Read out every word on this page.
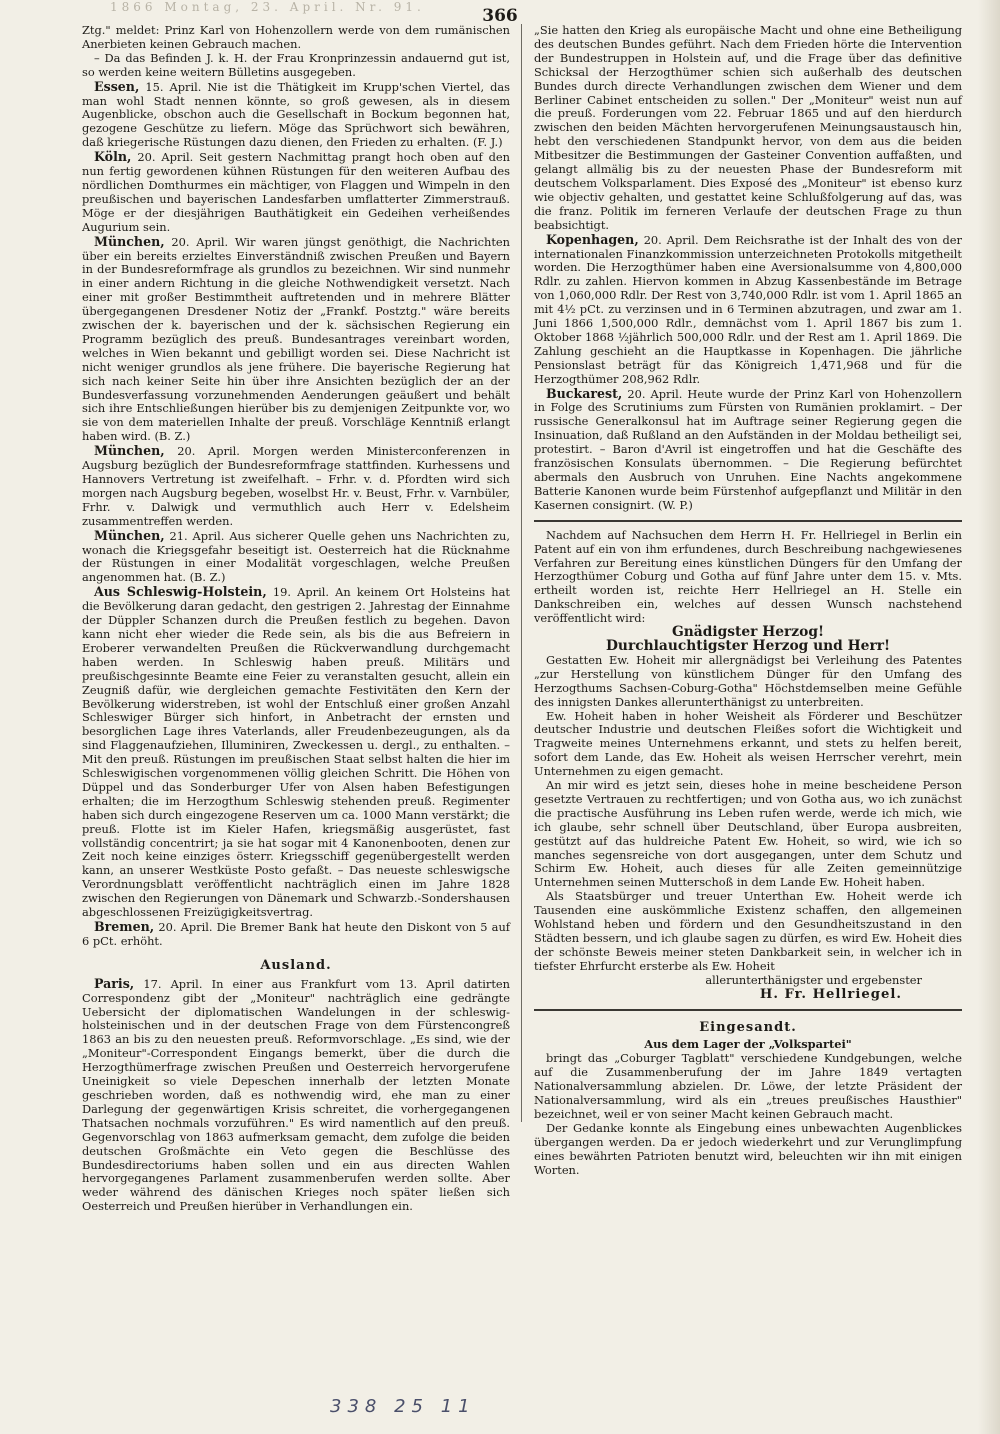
1866 Montag, 23. April. Nr. 91.	366

Ztg." meldet: Prinz Karl von Hohenzollern werde von dem rumänischen Anerbieten keinen Gebrauch machen.

– Da das Befinden J. k. H. der Frau Kronprinzessin andauernd gut ist, so werden keine weitern Bülletins ausgegeben.

Essen, 15. April. Nie ist die Thätigkeit im Krupp'schen Viertel, das man wohl Stadt nennen könnte, so groß gewesen, als in diesem Augenblicke, obschon auch die Gesellschaft in Bockum begonnen hat, gezogene Geschütze zu liefern. Möge das Sprüchwort sich bewähren, daß kriegerische Rüstungen dazu dienen, den Frieden zu erhalten. (F. J.)

Köln, 20. April. Seit gestern Nachmittag prangt hoch oben auf den nun fertig gewordenen kühnen Rüstungen für den weiteren Aufbau des nördlichen Domthurmes ein mächtiger, von Flaggen und Wimpeln in den preußischen und bayerischen Landesfarben umflatterter Zimmerstrauß. Möge er der diesjährigen Bauthätigkeit ein Gedeihen verheißendes Augurium sein.

München, 20. April. Wir waren jüngst genöthigt, die Nachrichten über ein bereits erzieltes Einverständniß zwischen Preußen und Bayern in der Bundesreformfrage als grundlos zu bezeichnen. Wir sind nunmehr in einer andern Richtung in die gleiche Nothwendigkeit versetzt. Nach einer mit großer Bestimmtheit auftretenden und in mehrere Blätter übergegangenen Dresdener Notiz der „Frankf. Postztg." wäre bereits zwischen der k. bayerischen und der k. sächsischen Regierung ein Programm bezüglich des preuß. Bundesantrages vereinbart worden, welches in Wien bekannt und gebilligt worden sei. Diese Nachricht ist nicht weniger grundlos als jene frühere. Die bayerische Regierung hat sich nach keiner Seite hin über ihre Ansichten bezüglich der an der Bundesverfassung vorzunehmenden Aenderungen geäußert und behält sich ihre Entschließungen hierüber bis zu demjenigen Zeitpunkte vor, wo sie von dem materiellen Inhalte der preuß. Vorschläge Kenntniß erlangt haben wird. (B. Z.)

München, 20. April. Morgen werden Ministerconferenzen in Augsburg bezüglich der Bundesreformfrage stattfinden. Kurhessens und Hannovers Vertretung ist zweifelhaft. – Frhr. v. d. Pfordten wird sich morgen nach Augsburg begeben, woselbst Hr. v. Beust, Frhr. v. Varnbüler, Frhr. v. Dalwigk und vermuthlich auch Herr v. Edelsheim zusammentreffen werden.

München, 21. April. Aus sicherer Quelle gehen uns Nachrichten zu, wonach die Kriegsgefahr beseitigt ist. Oesterreich hat die Rücknahme der Rüstungen in einer Modalität vorgeschlagen, welche Preußen angenommen hat. (B. Z.)

Aus Schleswig-Holstein, 19. April. An keinem Ort Holsteins hat die Bevölkerung daran gedacht, den gestrigen 2. Jahrestag der Einnahme der Düppler Schanzen durch die Preußen festlich zu begehen. Davon kann nicht eher wieder die Rede sein, als bis die aus Befreiern in Eroberer verwandelten Preußen die Rückverwandlung durchgemacht haben werden. In Schleswig haben preuß. Militärs und preußischgesinnte Beamte eine Feier zu veranstalten gesucht, allein ein Zeugniß dafür, wie dergleichen gemachte Festivitäten den Kern der Bevölkerung widerstreben, ist wohl der Entschluß einer großen Anzahl Schleswiger Bürger sich hinfort, in Anbetracht der ernsten und besorglichen Lage ihres Vaterlands, aller Freudenbezeugungen, als da sind Flaggenaufziehen, Illuminiren, Zweckessen u. dergl., zu enthalten. – Mit den preuß. Rüstungen im preußischen Staat selbst halten die hier im Schleswigischen vorgenommenen völlig gleichen Schritt. Die Höhen von Düppel und das Sonderburger Ufer von Alsen haben Befestigungen erhalten; die im Herzogthum Schleswig stehenden preuß. Regimenter haben sich durch eingezogene Reserven um ca. 1000 Mann verstärkt; die preuß. Flotte ist im Kieler Hafen, kriegsmäßig ausgerüstet, fast vollständig concentrirt; ja sie hat sogar mit 4 Kanonenbooten, denen zur Zeit noch keine einziges österr. Kriegsschiff gegenübergestellt werden kann, an unserer Westküste Posto gefaßt. – Das neueste schleswigsche Verordnungsblatt veröffentlicht nachträglich einen im Jahre 1828 zwischen den Regierungen von Dänemark und Schwarzb.-Sondershausen abgeschlossenen Freizügigkeitsvertrag.

Bremen, 20. April. Die Bremer Bank hat heute den Diskont von 5 auf 6 pCt. erhöht.

Ausland.

Paris, 17. April. In einer aus Frankfurt vom 13. April datirten Correspondenz gibt der „Moniteur" nachträglich eine gedrängte Uebersicht der diplomatischen Wandelungen in der schleswig-holsteinischen und in der deutschen Frage von dem Fürstencongreß 1863 an bis zu den neuesten preuß. Reformvorschlage. „Es sind, wie der „Moniteur"-Correspondent Eingangs bemerkt, über die durch die Herzogthümerfrage zwischen Preußen und Oesterreich hervorgerufene Uneinigkeit so viele Depeschen innerhalb der letzten Monate geschrieben worden, daß es nothwendig wird, ehe man zu einer Darlegung der gegenwärtigen Krisis schreitet, die vorhergegangenen Thatsachen nochmals vorzuführen." Es wird namentlich auf den preuß. Gegenvorschlag von 1863 aufmerksam gemacht, dem zufolge die beiden deutschen Großmächte ein Veto gegen die Beschlüsse des Bundesdirectoriums haben sollen und ein aus directen Wahlen hervorgegangenes Parlament zusammenberufen werden sollte. Aber weder während des dänischen Krieges noch später ließen sich Oesterreich und Preußen hierüber in Verhandlungen ein.

„Sie hatten den Krieg als europäische Macht und ohne eine Betheiligung des deutschen Bundes geführt. Nach dem Frieden hörte die Intervention der Bundestruppen in Holstein auf, und die Frage über das definitive Schicksal der Herzogthümer schien sich außerhalb des deutschen Bundes durch directe Verhandlungen zwischen dem Wiener und dem Berliner Cabinet entscheiden zu sollen." Der „Moniteur" weist nun auf die preuß. Forderungen vom 22. Februar 1865 und auf den hierdurch zwischen den beiden Mächten hervorgerufenen Meinungsaustausch hin, hebt den verschiedenen Standpunkt hervor, von dem aus die beiden Mitbesitzer die Bestimmungen der Gasteiner Convention auffaßten, und gelangt allmälig bis zu der neuesten Phase der Bundesreform mit deutschem Volksparlament. Dies Exposé des „Moniteur" ist ebenso kurz wie objectiv gehalten, und gestattet keine Schlußfolgerung auf das, was die franz. Politik im ferneren Verlaufe der deutschen Frage zu thun beabsichtigt.

Kopenhagen, 20. April. Dem Reichsrathe ist der Inhalt des von der internationalen Finanzkommission unterzeichneten Protokolls mitgetheilt worden. Die Herzogthümer haben eine Aversionalsumme von 4,800,000 Rdlr. zu zahlen. Hiervon kommen in Abzug Kassenbestände im Betrage von 1,060,000 Rdlr. Der Rest von 3,740,000 Rdlr. ist vom 1. April 1865 an mit 4½ pCt. zu verzinsen und in 6 Terminen abzutragen, und zwar am 1. Juni 1866 1,500,000 Rdlr., demnächst vom 1. April 1867 bis zum 1. Oktober 1868 ½jährlich 500,000 Rdlr. und der Rest am 1. April 1869. Die Zahlung geschieht an die Hauptkasse in Kopenhagen. Die jährliche Pensionslast beträgt für das Königreich 1,471,968 und für die Herzogthümer 208,962 Rdlr.

Buckarest, 20. April. Heute wurde der Prinz Karl von Hohenzollern in Folge des Scrutiniums zum Fürsten von Rumänien proklamirt. – Der russische Generalkonsul hat im Auftrage seiner Regierung gegen die Insinuation, daß Rußland an den Aufständen in der Moldau betheiligt sei, protestirt. – Baron d'Avril ist eingetroffen und hat die Geschäfte des französischen Konsulats übernommen. – Die Regierung befürchtet abermals den Ausbruch von Unruhen. Eine Nachts angekommene Batterie Kanonen wurde beim Fürstenhof aufgepflanzt und Militär in den Kasernen consignirt. (W. P.)

Nachdem auf Nachsuchen dem Herrn H. Fr. Hellriegel in Berlin ein Patent auf ein von ihm erfundenes, durch Beschreibung nachgewiesenes Verfahren zur Bereitung eines künstlichen Düngers für den Umfang der Herzogthümer Coburg und Gotha auf fünf Jahre unter dem 15. v. Mts. ertheilt worden ist, reichte Herr Hellriegel an H. Stelle ein Dankschreiben ein, welches auf dessen Wunsch nachstehend veröffentlicht wird:

Gnädigster Herzog!

Durchlauchtigster Herzog und Herr!

Gestatten Ew. Hoheit mir allergnädigst bei Verleihung des Patentes „zur Herstellung von künstlichem Dünger für den Umfang des Herzogthums Sachsen-Coburg-Gotha" Höchstdemselben meine Gefühle des innigsten Dankes allerunterthänigst zu unterbreiten.

Ew. Hoheit haben in hoher Weisheit als Förderer und Beschützer deutscher Industrie und deutschen Fleißes sofort die Wichtigkeit und Tragweite meines Unternehmens erkannt, und stets zu helfen bereit, sofort dem Lande, das Ew. Hoheit als weisen Herrscher verehrt, mein Unternehmen zu eigen gemacht.

An mir wird es jetzt sein, dieses hohe in meine bescheidene Person gesetzte Vertrauen zu rechtfertigen; und von Gotha aus, wo ich zunächst die practische Ausführung ins Leben rufen werde, werde ich mich, wie ich glaube, sehr schnell über Deutschland, über Europa ausbreiten, gestützt auf das huldreiche Patent Ew. Hoheit, so wird, wie ich so manches segensreiche von dort ausgegangen, unter dem Schutz und Schirm Ew. Hoheit, auch dieses für alle Zeiten gemeinnützige Unternehmen seinen Mutterschoß in dem Lande Ew. Hoheit haben.

Als Staatsbürger und treuer Unterthan Ew. Hoheit werde ich Tausenden eine auskömmliche Existenz schaffen, den allgemeinen Wohlstand heben und fördern und den Gesundheitszustand in den Städten bessern, und ich glaube sagen zu dürfen, es wird Ew. Hoheit dies der schönste Beweis meiner steten Dankbarkeit sein, in welcher ich in tiefster Ehrfurcht ersterbe als Ew. Hoheit

allerunterthänigster und ergebenster

H. Fr. Hellriegel.

Eingesandt.

Aus dem Lager der „Volkspartei"

bringt das „Coburger Tagblatt" verschiedene Kundgebungen, welche auf die Zusammenberufung der im Jahre 1849 vertagten Nationalversammlung abzielen. Dr. Löwe, der letzte Präsident der Nationalversammlung, wird als ein „treues preußisches Hausthier" bezeichnet, weil er von seiner Macht keinen Gebrauch macht.

Der Gedanke konnte als Eingebung eines unbewachten Augenblickes übergangen werden. Da er jedoch wiederkehrt und zur Verunglimpfung eines bewährten Patrioten benutzt wird, beleuchten wir ihn mit einigen Worten.

338 25 11
